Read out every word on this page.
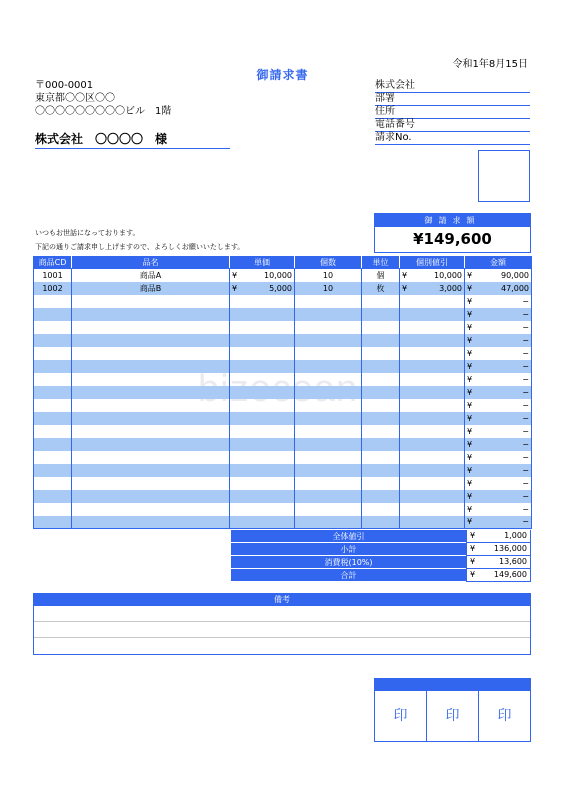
令和1年8月15日
御請求書
〒000-0001
東京都〇〇区〇〇
〇〇〇〇〇〇〇〇〇ビル　1階
株式会社　〇〇〇〇　様
株式会社
部署
住所
電話番号
請求No.
いつもお世話になっております。
下記の通りご請求申し上げますので、よろしくお願いいたします。
御請求額
¥149,600
商品CD	品名	単価	個数	単位	個別値引	金額
1001	商品A	¥ 10,000	10	個	¥ 10,000	¥ 90,000

1002	商品B	¥ 5,000	10	枚	¥ 3,000	¥ 47,000

						¥ −

						¥ −

						¥ −

						¥ −

						¥ −

						¥ −

						¥ −

						¥ −

						¥ −

						¥ −

						¥ −

						¥ −

						¥ −

						¥ −

						¥ −

						¥ −

						¥ −

						¥ −
全体値引	¥	1,000
小計	¥ 136,000
消費税(10%)	¥	13,600
合計	¥ 149,600
備考
印	印	印
